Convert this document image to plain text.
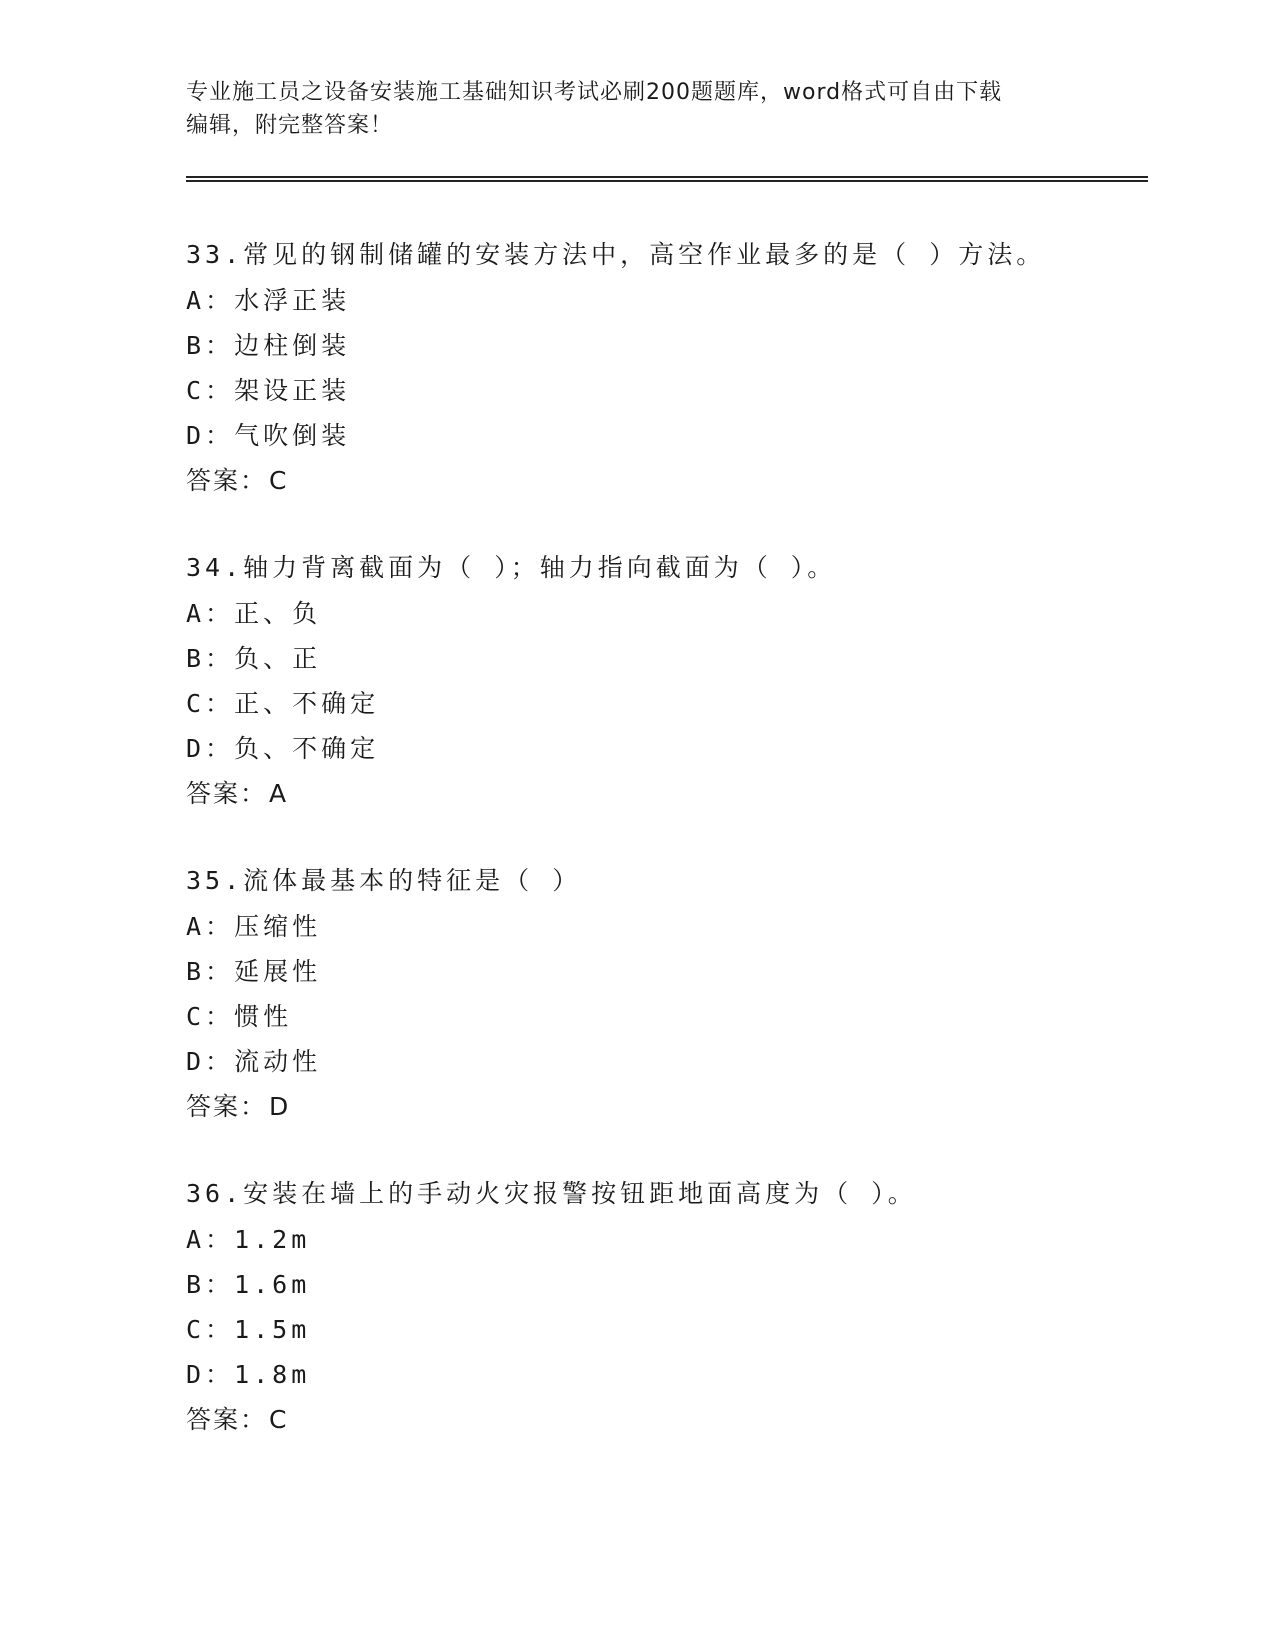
专业施工员之设备安装施工基础知识考试必刷200题题库，word格式可自由下载
编辑，附完整答案！
33.常见的钢制储罐的安装方法中，高空作业最多的是（ ）方法。
A：水浮正装
B：边柱倒装
C：架设正装
D：气吹倒装
答案：C
34.轴力背离截面为（ ）；轴力指向截面为（ ）。
A：正、负
B：负、正
C：正、不确定
D：负、不确定
答案：A
35.流体最基本的特征是（ ）
A：压缩性
B：延展性
C：惯性
D：流动性
答案：D
36.安装在墙上的手动火灾报警按钮距地面高度为（ ）。
A：1.2m
B：1.6m
C：1.5m
D：1.8m
答案：C
